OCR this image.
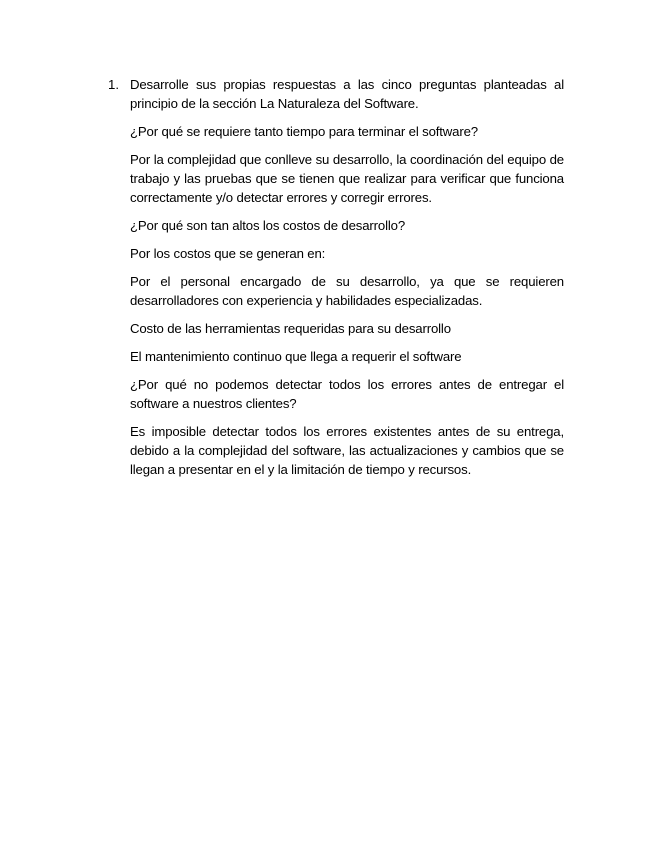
1. Desarrolle sus propias respuestas a las cinco preguntas planteadas al principio de la sección La Naturaleza del Software.

¿Por qué se requiere tanto tiempo para terminar el software?

Por la complejidad que conlleve su desarrollo, la coordinación del equipo de trabajo y las pruebas que se tienen que realizar para verificar que funciona correctamente y/o detectar errores y corregir errores.

¿Por qué son tan altos los costos de desarrollo?

Por los costos que se generan en:

Por el personal encargado de su desarrollo, ya que se requieren desarrolladores con experiencia y habilidades especializadas.

Costo de las herramientas requeridas para su desarrollo

El mantenimiento continuo que llega a requerir el software

¿Por qué no podemos detectar todos los errores antes de entregar el software a nuestros clientes?

Es imposible detectar todos los errores existentes antes de su entrega, debido a la complejidad del software, las actualizaciones y cambios que se llegan a presentar en el y la limitación de tiempo y recursos.
